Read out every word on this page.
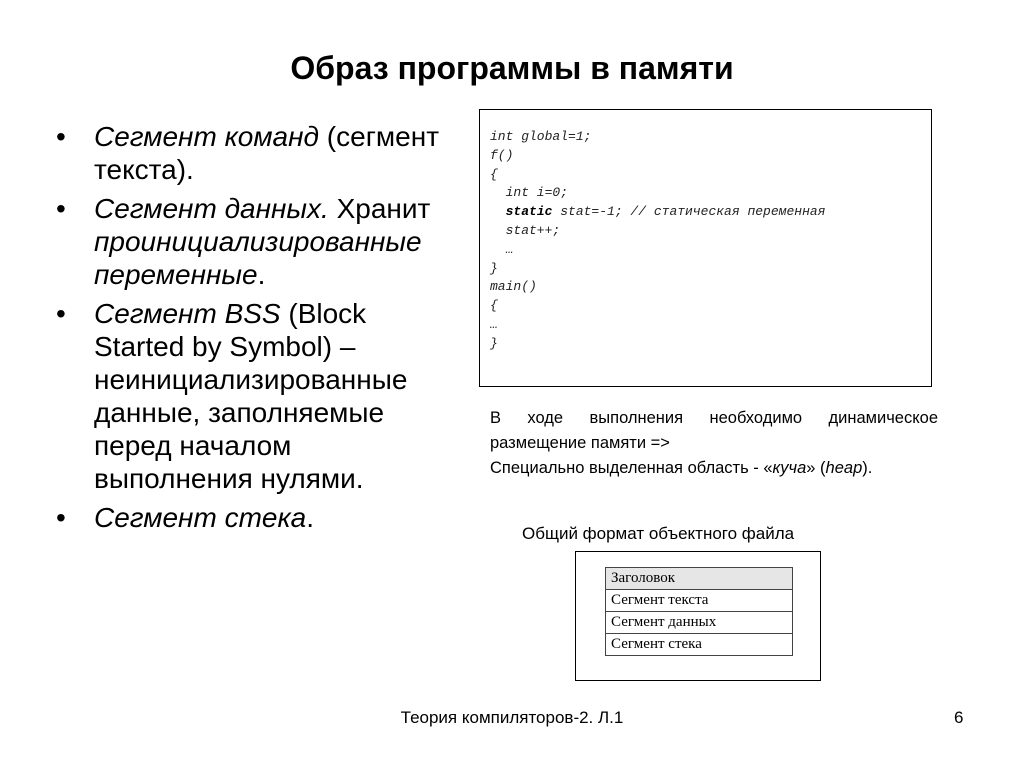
Образ программы в памяти
• Сегмент команд (сегмент текста).
• Сегмент данных. Хранит проинициализированные переменные.
• Сегмент BSS (Block Started by Symbol) – неинициализированные данные, заполняемые перед началом выполнения нулями.
• Сегмент стека.
int global=1;
f()
{
int i=0;
static stat=-1; // статическая переменная
stat++;
…
}
main()
{
…
}

В ходе выполнения необходимо динамическое размещение памяти =>

Специально выделенная область - «куча» (heap).

Общий формат объектного файла
Заголовок
Сегмент текста
Сегмент данных
Сегмент стека
Теория компиляторов-2. Л.1	6
